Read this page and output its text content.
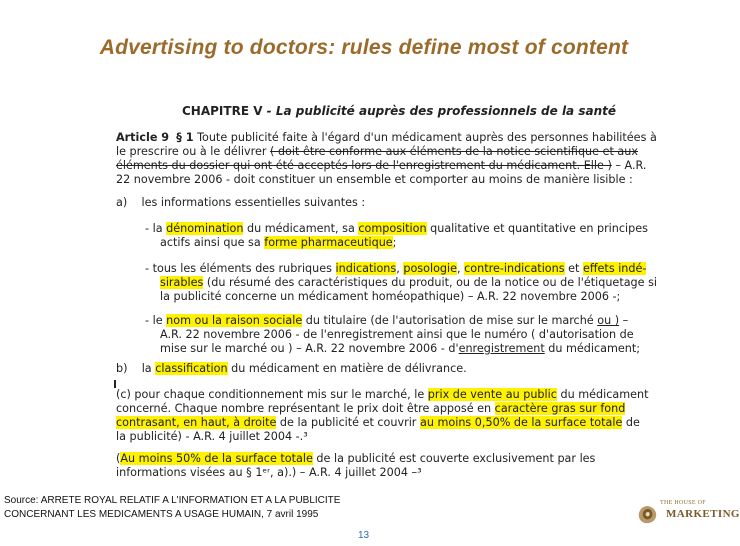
Advertising to doctors: rules define most of content
CHAPITRE V - La publicité auprès des professionnels de la santé
Article 9 § 1 Toute publicité faite à l'égard d'un médicament auprès des personnes habilitées à
le prescrire ou à le délivrer ( doit être conforme aux éléments de la notice scientifique et aux
éléments du dossier qui ont été acceptés lors de l'enregistrement du médicament. Elle ) – A.R.
22 novembre 2006 - doit constituer un ensemble et comporter au moins de manière lisible :
a) les informations essentielles suivantes :
- la dénomination du médicament, sa composition qualitative et quantitative en principes
actifs ainsi que sa forme pharmaceutique;
- tous les éléments des rubriques indications, posologie, contre-indications et effets indé-
sirables (du résumé des caractéristiques du produit, ou de la notice ou de l'étiquetage si
la publicité concerne un médicament homéopathique) – A.R. 22 novembre 2006 -;
- le nom ou la raison sociale du titulaire (de l'autorisation de mise sur le marché ou ) –
A.R. 22 novembre 2006 - de l'enregistrement ainsi que le numéro ( d'autorisation de
mise sur le marché ou ) – A.R. 22 novembre 2006 - d'enregistrement du médicament;
b) la classification du médicament en matière de délivrance.
(c) pour chaque conditionnement mis sur le marché, le prix de vente au public du médicament
concerné. Chaque nombre représentant le prix doit être apposé en caractère gras sur fond
contrasant, en haut, à droite de la publicité et couvrir au moins 0,50% de la surface totale de
la publicité) - A.R. 4 juillet 2004 -.³
(Au moins 50% de la surface totale de la publicité est couverte exclusivement par les
informations visées au § 1ᵉʳ, a).) – A.R. 4 juillet 2004 –³
Source: ARRETE ROYAL RELATIF A L'INFORMATION ET A LA PUBLICITE
CONCERNANT LES MEDICAMENTS A USAGE HUMAIN, 7 avril 1995
13
THE HOUSE OF
MARKETING
